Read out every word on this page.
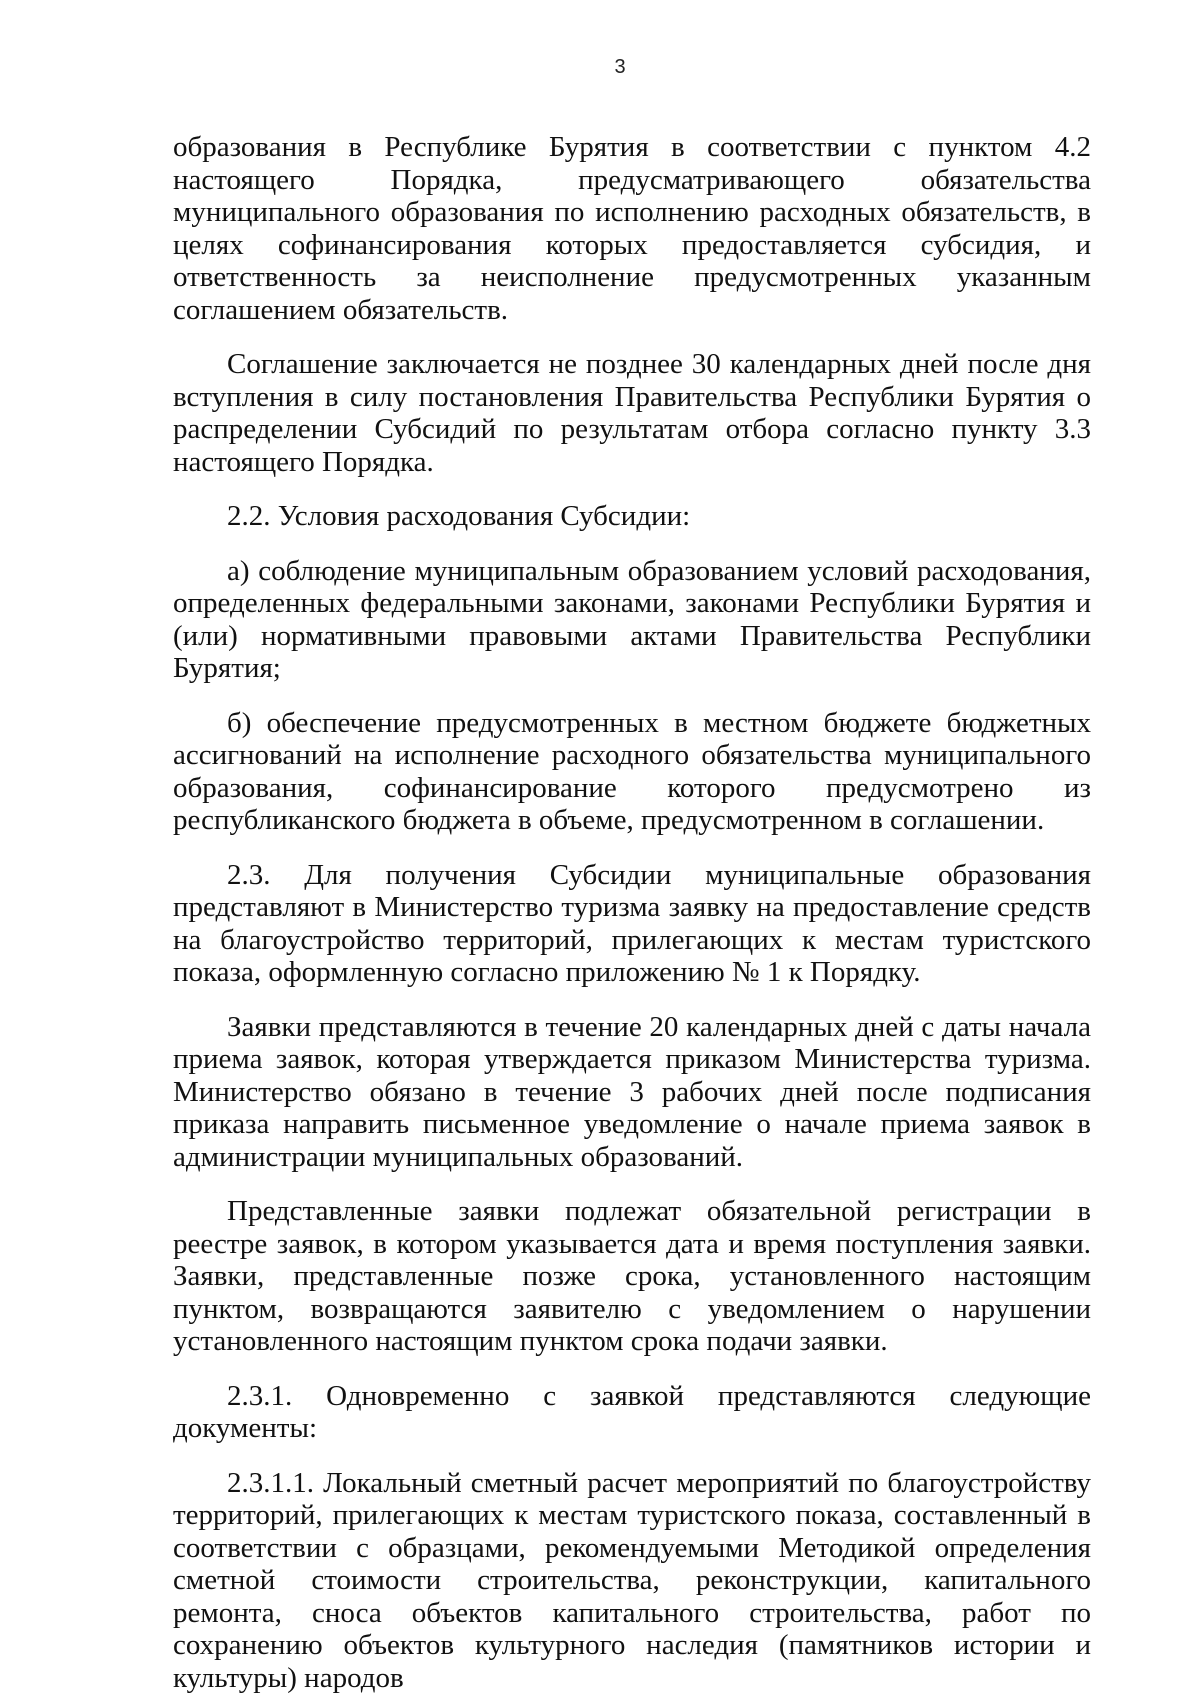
3

образования в Республике Бурятия в соответствии с пунктом 4.2 настоящего Порядка, предусматривающего обязательства муниципального образования по исполнению расходных обязательств, в целях софинансирования которых предоставляется субсидия, и ответственность за неисполнение предусмотренных указанным соглашением обязательств.

Соглашение заключается не позднее 30 календарных дней после дня вступления в силу постановления Правительства Республики Бурятия о распределении Субсидий по результатам отбора согласно пункту 3.3 настоящего Порядка.

2.2. Условия расходования Субсидии:

а) соблюдение муниципальным образованием условий расходования, определенных федеральными законами, законами Республики Бурятия и (или) нормативными правовыми актами Правительства Республики Бурятия;

б) обеспечение предусмотренных в местном бюджете бюджетных ассигнований на исполнение расходного обязательства муниципального образования, софинансирование которого предусмотрено из республиканского бюджета в объеме, предусмотренном в соглашении.

2.3. Для получения Субсидии муниципальные образования представляют в Министерство туризма заявку на предоставление средств на благоустройство территорий, прилегающих к местам туристского показа, оформленную согласно приложению № 1 к Порядку.

Заявки представляются в течение 20 календарных дней с даты начала приема заявок, которая утверждается приказом Министерства туризма. Министерство обязано в течение 3 рабочих дней после подписания приказа направить письменное уведомление о начале приема заявок в администрации муниципальных образований.

Представленные заявки подлежат обязательной регистрации в реестре заявок, в котором указывается дата и время поступления заявки. Заявки, представленные позже срока, установленного настоящим пунктом, возвращаются заявителю с уведомлением о нарушении установленного настоящим пунктом срока подачи заявки.

2.3.1. Одновременно с заявкой представляются следующие документы:

2.3.1.1. Локальный сметный расчет мероприятий по благоустройству территорий, прилегающих к местам туристского показа, составленный в соответствии с образцами, рекомендуемыми Методикой определения сметной стоимости строительства, реконструкции, капитального ремонта, сноса объектов капитального строительства, работ по сохранению объектов культурного наследия (памятников истории и культуры) народов
